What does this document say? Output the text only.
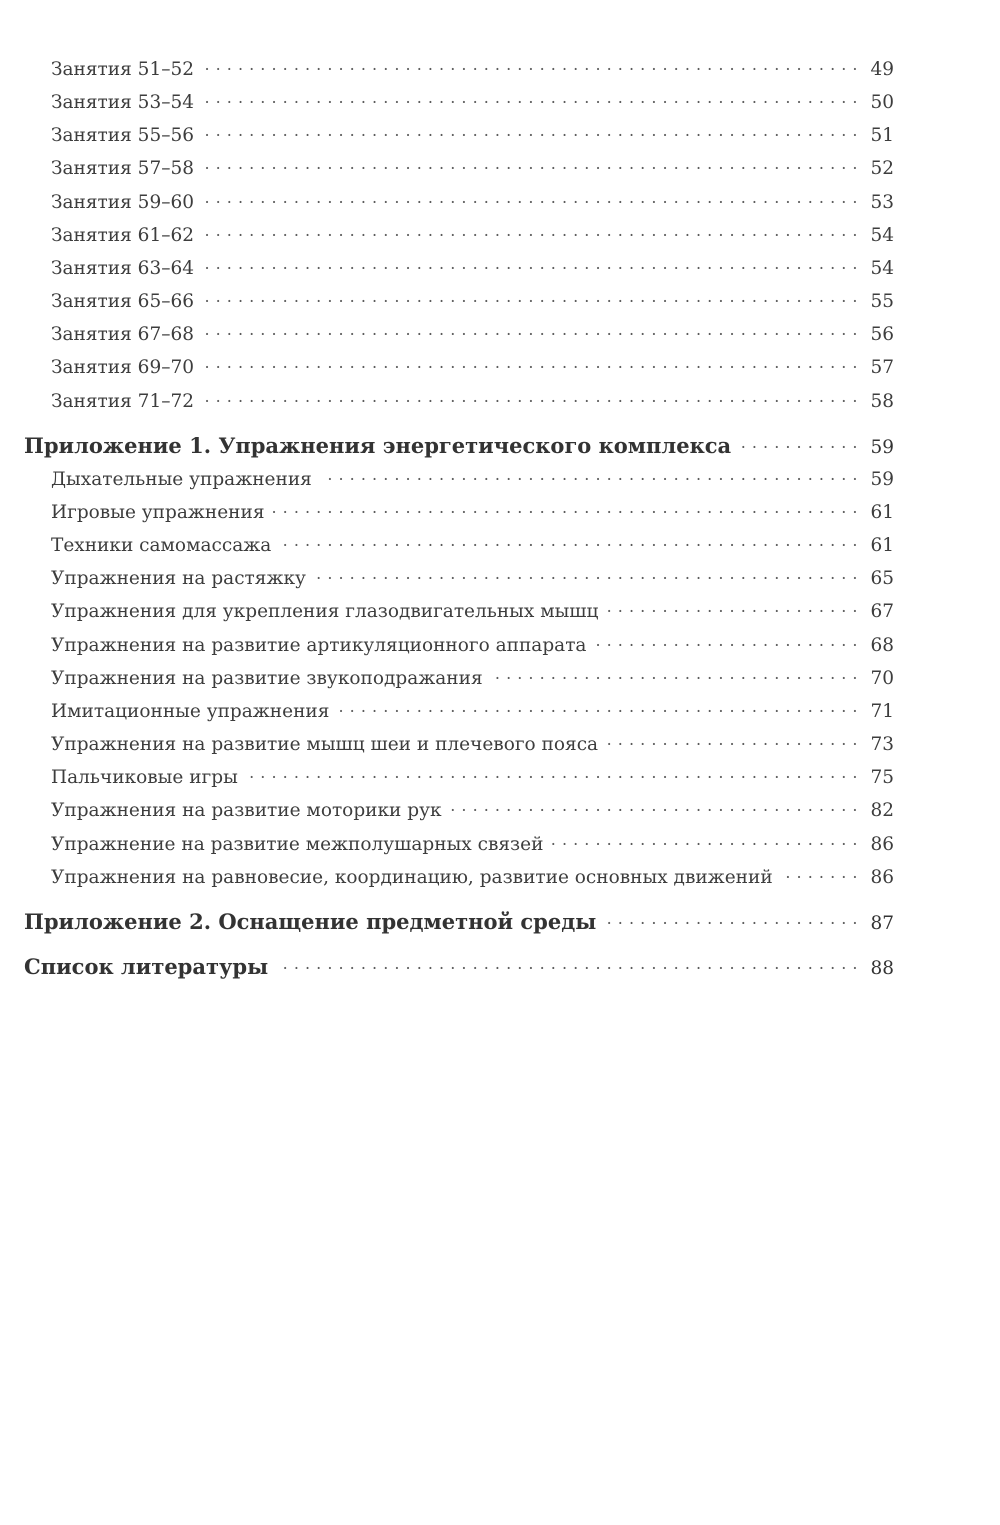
Занятия 51–52 . . .	49
Занятия 53–54 . . .	50
Занятия 55–56 . . .	51
Занятия 57–58 . . .	52
Занятия 59–60 . . .	53
Занятия 61–62 . . .	54
Занятия 63–64 . . .	54
Занятия 65–66 . . .	55
Занятия 67–68 . . .	56
Занятия 69–70 . . .	57
Занятия 71–72 . . .	58
Приложение 1. Упражнения энергетического комплекса . . .	59
Дыхательные упражнения . . .	59
Игровые упражнения . . .	61
Техники самомассажа . . .	61
Упражнения на растяжку . . .	65
Упражнения для укрепления глазодвигательных мышц . . .	67
Упражнения на развитие артикуляционного аппарата . . .	68
Упражнения на развитие звукоподражания . . .	70
Имитационные упражнения . . .	71
Упражнения на развитие мышц шеи и плечевого пояса . . .	73
Пальчиковые игры . . .	75
Упражнения на развитие моторики рук . . .	82
Упражнение на развитие межполушарных связей . . .	86
Упражнения на равновесие, координацию, развитие основных движений . . .	86
Приложение 2. Оснащение предметной среды . . .	87
Список литературы . . .	88
